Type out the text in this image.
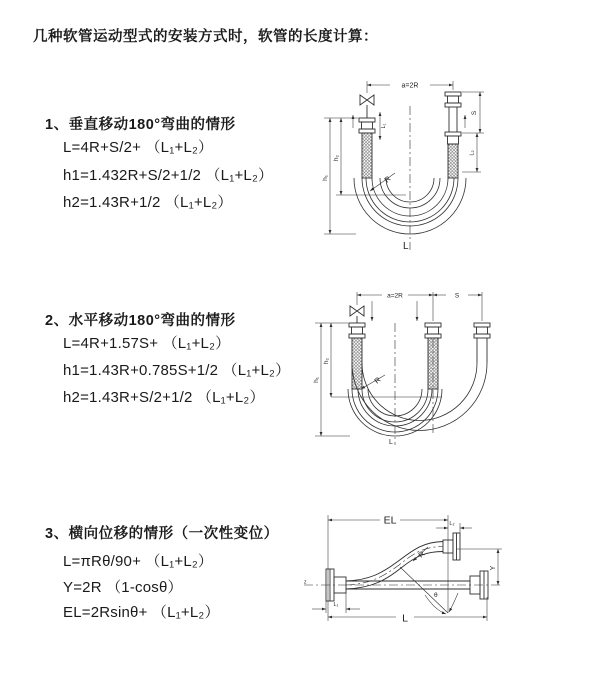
几种软管运动型式的安装方式时，软管的长度计算：
1、垂直移动180°弯曲的情形
L=4R+S/2+ （L₁+L₂）
h1=1.432R+S/2+1/2 （L₁+L₂）
h2=1.43R+1/2 （L₁+L₂）
2、水平移动180°弯曲的情形
L=4R+1.57S+ （L₁+L₂）
h1=1.43R+0.785S+1/2 （L₁+L₂）
h2=1.43R+S/2+1/2 （L₁+L₂）
3、横向位移的情形（一次性变位）
L=πRθ/90+ （L₁+L₂）
Y=2R （1-cosθ）
EL=2Rsinθ+ （L₁+L₂）
a=2R
h₁
h₂
L₁
S
L₂
R
L
a=2R	S
h₁
h₂
R
L
EL	L₂
Y
R
θ
L₁
L
z
